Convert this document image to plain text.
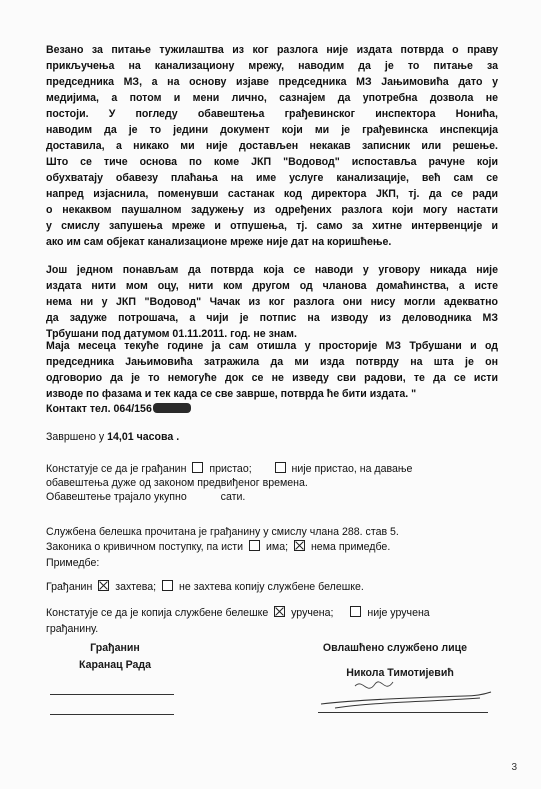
Везано за питање тужилаштва из ког разлога није издата потврда о праву
прикључења на канализациону мрежу, наводим да је то питање за
председника МЗ, а на основу изјаве председника МЗ Јањимовића дато у
медијима, а потом и мени лично, сазнајем да употребна дозвола не
постоји. У погледу обавештења грађевинског инспектора Нонића,
наводим да је то једини документ који ми је грађевинска инспекција
доставила, а никако ми није достављен некакав записник или решење.
Што се тиче основа по коме ЈКП "Водовод" испоставља рачуне који
обухватају обавезу плаћања на име услуге канализације, већ сам се
напред изјаснила, поменувши састанак код директора ЈКП, тј. да се ради
о некаквом паушалном задужењу из одређених разлога који могу настати
у смислу запушења мреже и отпушења, тј. само за хитне интервенције и
ако им сам објекат канализационе мреже није дат на коришћење.
Још једном понављам да потврда која се наводи у уговору никада није
издата нити мом оцу, нити ком другом од чланова домаћинства, а исте
нема ни у ЈКП "Водовод" Чачак из ког разлога они нису могли адекватно
да задуже потрошача, а чији је потпис на изводу из деловодника МЗ
Трбушани под датумом 01.11.2011. год. не знам.
Маја месеца текуће године ја сам отишла у просторије МЗ Трбушани и од
председника Јањимовића затражила да ми изда потврду на шта је он
одговорио да је то немогуће док се не изведу сви радови, те да се исти
изводе по фазама и тек када се све заврше, потврда ће бити издата. "
Контакт тел. 064/156
Завршено у 14,01 часова .
Констатује се да је грађанин пристао;	није пристао, на давање
обавештења дуже од законом предвиђеног времена.
Обавештење трајало укупно	сати.
Службена белешка прочитана је грађанину у смислу члана 288. став 5.
Законика о кривичном поступку, па исти има; нема примедбе.
Примедбе:
Грађанин захтева; не захтева копију службене белешке.
Констатује се да је копија службене белешке уручена;	није уручена
грађанину.
Грађанин
Каранац Рада
Овлашћено службено лице
Никола Тимотијевић
3
